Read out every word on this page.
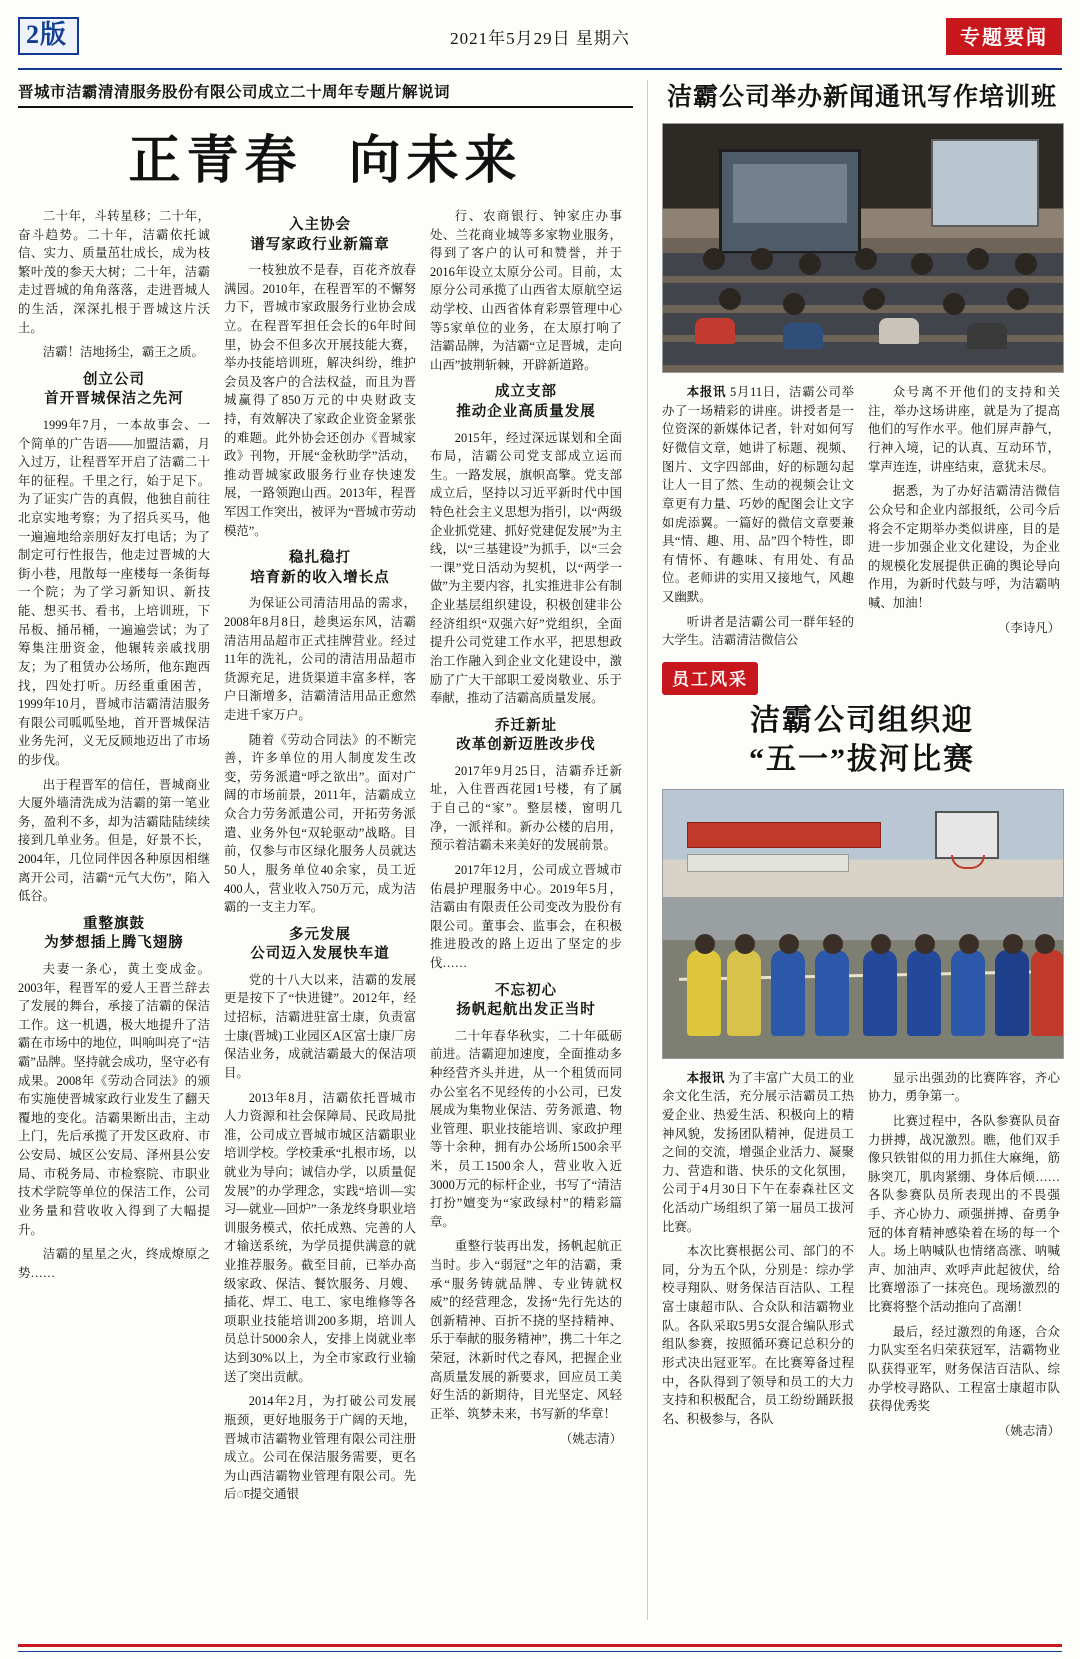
2版	2021年5月29日 星期六	专题要闻
晋城市洁霸清清服务股份有限公司成立二十周年专题片解说词
正青春 向未来

二十年，斗转星移；二十年，奋斗趋势。二十年，洁霸依托诚信、实力、质量茁壮成长，成为枝繁叶茂的参天大树；二十年，洁霸走过晋城的角角落落，走进晋城人的生活，深深扎根于晋城这片沃土。

洁霸！洁地扬尘，霸王之质。

创立公司
首开晋城保洁之先河

1999年7月，一本故事会、一个简单的广告语——加盟洁霸，月入过万，让程晋军开启了洁霸二十年的征程。千里之行，始于足下。为了证实广告的真假，他独自前往北京实地考察；为了招兵买马，他一遍遍地给亲朋好友打电话；为了制定可行性报告，他走过晋城的大街小巷，甩散每一座楼每一条街每一个院；为了学习新知识、新技能、想买书、看书，上培训班，下吊板、捅吊桶，一遍遍尝试；为了筹集注册资金，他辗转亲戚找朋友；为了租赁办公场所，他东跑西找，四处打听。历经重重困苦，1999年10月，晋城市洁霸清洁服务有限公司呱呱坠地，首开晋城保洁业务先河，义无反顾地迈出了市场的步伐。

出于程晋军的信任，晋城商业大厦外墙清洗成为洁霸的第一笔业务，盈利不多，却为洁霸陆陆续续接到几单业务。但是，好景不长，2004年，几位同伴因各种原因相继离开公司，洁霸“元气大伤”，陷入低谷。

重整旗鼓
为梦想插上腾飞翅膀

夫妻一条心，黄土变成金。2003年，程晋军的爱人王晋兰辞去了发展的舞台，承接了洁霸的保洁工作。这一机遇，极大地提升了洁霸在市场中的地位，叫响叫亮了“洁霸”品牌。坚持就会成功，坚守必有成果。2008年《劳动合同法》的颁布实施使晋城家政行业发生了翻天覆地的变化。洁霸果断出击，主动上门，先后承揽了开发区政府、市公安局、城区公安局、泽州县公安局、市税务局、市检察院、市职业技术学院等单位的保洁工作，公司业务量和营收收入得到了大幅提升。

洁霸的星星之火，终成燎原之势……

入主协会
谱写家政行业新篇章

一枝独放不是春，百花齐放春满园。2010年，在程晋军的不懈努力下，晋城市家政服务行业协会成立。在程晋军担任会长的6年时间里，协会不但多次开展技能大赛，举办技能培训班，解决纠纷，维护会员及客户的合法权益，而且为晋城赢得了850万元的中央财政支持，有效解决了家政企业资金紧张的难题。此外协会还创办《晋城家政》刊物，开展“金秋助学”活动，推动晋城家政服务行业存快速发展，一路领跑山西。2013年，程晋军因工作突出，被评为“晋城市劳动模范”。

稳扎稳打
培育新的收入增长点

为保证公司清洁用品的需求，2008年8月8日，趁奥运东风，洁霸清洁用品超市正式挂牌营业。经过11年的洗礼，公司的清洁用品超市货源充足，进货渠道丰富多样，客户日渐增多，洁霸清洁用品正愈然走进千家万户。

随着《劳动合同法》的不断完善，许多单位的用人制度发生改变，劳务派遣“呼之欲出”。面对广阔的市场前景，2011年，洁霸成立众合力劳务派遣公司，开拓劳务派遣、业务外包“双轮驱动”战略。目前，仅参与市区绿化服务人员就达50人，服务单位40余家，员工近400人，营业收入750万元，成为洁霸的一支主力军。

多元发展
公司迈入发展快车道

党的十八大以来，洁霸的发展更是按下了“快进键”。2012年，经过招标，洁霸进驻富士康，负责富士康(晋城)工业园区A区富士康厂房保洁业务，成就洁霸最大的保洁项目。

2013年8月，洁霸依托晋城市人力资源和社会保障局、民政局批准，公司成立晋城市城区洁霸职业培训学校。学校秉承“扎根市场，以就业为导向；诚信办学，以质量促发展”的办学理念，实践“培训—实习—就业—回炉”一条龙终身职业培训服务模式，依托成熟、完善的人才输送系统，为学员提供满意的就业推荐服务。截至目前，已举办高级家政、保洁、餐饮服务、月嫂、插花、焊工、电工、家电维修等各项职业技能培训200多期，培训人员总计5000余人，安排上岗就业率达到30%以上，为全市家政行业输送了突出贡献。

2014年2月，为打破公司发展瓶颈，更好地服务于广阔的天地，晋城市洁霸物业管理有限公司注册成立。公司在保洁服务需要，更名为山西洁霸物业管理有限公司。先后ाः提交通银

行、农商银行、钟家庄办事处、兰花商业城等多家物业服务，得到了客户的认可和赞誉，并于2016年设立太原分公司。目前，太原分公司承揽了山西省太原航空运动学校、山西省体育彩票管理中心等5家单位的业务，在太原打响了洁霸品牌，为洁霸“立足晋城，走向山西”披荆斩棘，开辟新道路。

成立支部
推动企业高质量发展

2015年，经过深远谋划和全面布局，洁霸公司党支部成立运而生。一路发展，旗帜高擎。党支部成立后，坚持以习近平新时代中国特色社会主义思想为指引，以“两级企业抓党建、抓好党建促发展”为主线，以“三基建设”为抓手，以“三会一课”党日活动为契机，以“两学一做”为主要内容，扎实推进非公有制企业基层组织建设，积极创建非公经济组织“双强六好”党组织，全面提升公司党建工作水平，把思想政治工作融入到企业文化建设中，激励了广大干部职工爱岗敬业、乐于奉献，推动了洁霸高质量发展。

乔迁新址
改革创新迈胜改步伐

2017年9月25日，洁霸乔迁新址，入住晋西花园1号楼，有了属于自己的“家”。整层楼，窗明几净，一派祥和。新办公楼的启用，预示着洁霸未来美好的发展前景。

2017年12月，公司成立晋城市佑晨护理服务中心。2019年5月，洁霸由有限责任公司变改为股份有限公司。董事会、监事会，在积极推进股改的路上迈出了坚定的步伐……

不忘初心
扬帆起航出发正当时

二十年春华秋实，二十年砥砺前进。洁霸迎加速度，全面推动多种经营齐头并进，从一个租赁而同办公室名不见经传的小公司，已发展成为集物业保洁、劳务派遣、物业管理、职业技能培训、家政护理等十余种，拥有办公场所1500余平米，员工1500余人，营业收入近3000万元的标杆企业，书写了“清洁打扮”嬗变为“家政绿村”的精彩篇章。

重整行装再出发，扬帆起航正当时。步入“弱冠”之年的洁霸，秉承“服务铸就品牌、专业铸就权威”的经营理念，发扬“先行先达的创新精神、百折不挠的坚持精神、乐于奉献的服务精神”，携二十年之荣冠，沐新时代之春风，把握企业高质量发展的新要求，回应员工美好生活的新期待，目光坚定、风轻正举、筑梦未来，书写新的华章！

（姚志清）

洁霸公司举办新闻通讯写作培训班

本报讯 5月11日，洁霸公司举办了一场精彩的讲座。讲授者是一位资深的新媒体记者，针对如何写好微信文章，她讲了标题、视频、图片、文字四部曲，好的标题勾起让人一目了然、生动的视频会让文章更有力量、巧妙的配图会让文字如虎添翼。一篇好的微信文章要兼具“情、趣、用、品”四个特性，即有情怀、有趣味、有用处、有品位。老师讲的实用又接地气，风趣又幽默。

听讲者是洁霸公司一群年轻的大学生。洁霸清洁微信公

众号离不开他们的支持和关注，举办这场讲座，就是为了提高他们的写作水平。他们屏声静气，行神入境，记的认真、互动环节，掌声连连，讲座结束，意犹未尽。

据悉，为了办好洁霸清洁微信公众号和企业内部报纸，公司今后将会不定期举办类似讲座，目的是进一步加强企业文化建设，为企业的规模化发展提供正确的舆论导向作用，为新时代鼓与呼，为洁霸呐喊、加油！

（李诗凡）

员工风采
洁霸公司组织迎
“五一”拔河比赛

本报讯 为了丰富广大员工的业余文化生活，充分展示洁霸员工热爱企业、热爱生活、积极向上的精神风貌，发扬团队精神，促进员工之间的交流，增强企业活力、凝聚力、营造和谐、快乐的文化氛围，公司于4月30日下午在泰森社区文化活动广场组织了第一届员工拔河比赛。

本次比赛根据公司、部门的不同，分为五个队，分别是：综办学校寻翔队、财务保洁百洁队、工程富士康超市队、合众队和洁霸物业队。各队采取5男5女混合编队形式组队参赛，按照循环赛记总积分的形式决出冠亚军。在比赛筹备过程中，各队得到了领导和员工的大力支持和积极配合，员工纷纷踊跃报名、积极参与，各队

显示出强劲的比赛阵容，齐心协力，勇争第一。

比赛过程中，各队参赛队员奋力拼搏，战况激烈。瞧，他们双手像只铁钳似的用力抓住大麻绳，筋脉突兀，肌肉紧绷、身体后倾……各队参赛队员所表现出的不畏强手、齐心协力、顽强拼搏、奋勇争冠的体育精神感染着在场的每一个人。场上呐喊队也情绪高涨、呐喊声、加油声、欢呼声此起彼伏，给比赛增添了一抹亮色。现场激烈的比赛将整个活动推向了高潮！

最后，经过激烈的角逐，合众力队实至名归荣获冠军，洁霸物业队获得亚军，财务保洁百洁队、综办学校寻路队、工程富士康超市队获得优秀奖

（姚志清）
